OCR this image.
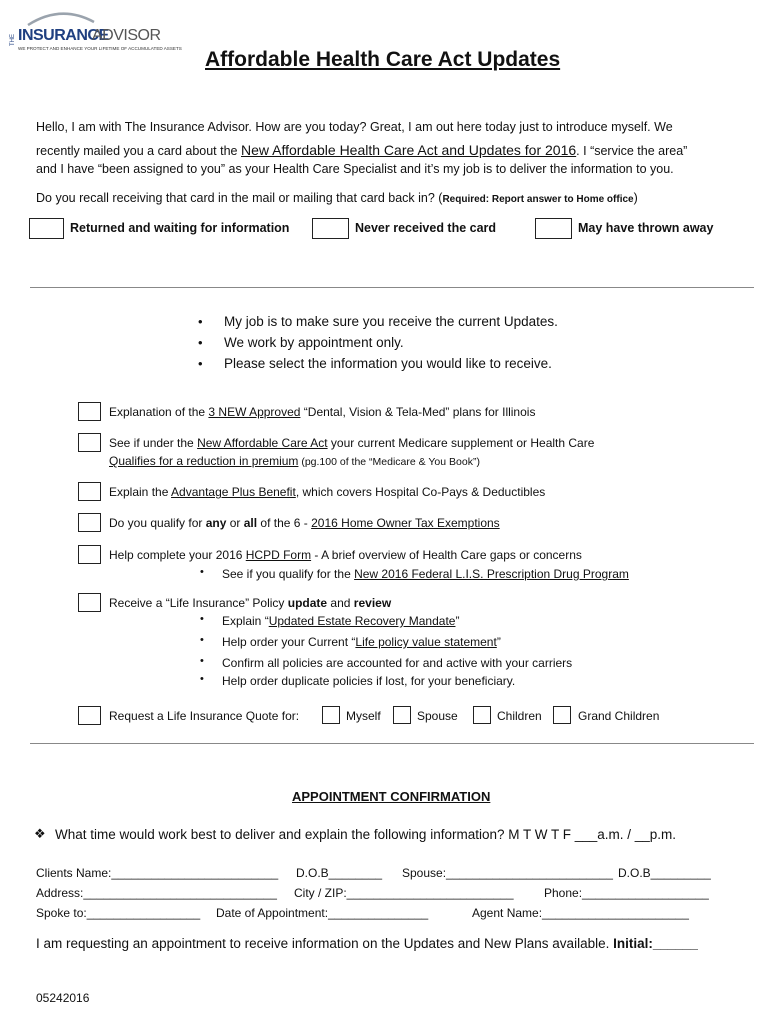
THE INSURANCE
ADVISOR
WE PROTECT AND ENHANCE YOUR LIFETIME OF ACCUMULATED ASSETS Affordable Health Care Act Updates
Hello, I am with The Insurance Advisor. How are you today? Great, I am out here today just to introduce myself. We
recently mailed you a card about the New Affordable Health Care Act and Updates for 2016. I “service the area”
and I have “been assigned to you” as your Health Care Specialist and it’s my job is to deliver the information to you.
Do you recall receiving that card in the mail or mailing that card back in? (Required: Report answer to Home office)
Returned and waiting for information	Never received the card	May have thrown away
• My job is to make sure you receive the current Updates.
• We work by appointment only.
• Please select the information you would like to receive.
Explanation of the 3 NEW Approved “Dental, Vision & Tela-Med” plans for Illinois
See if under the New Affordable Care Act your current Medicare supplement or Health Care
Qualifies for a reduction in premium (pg.100 of the “Medicare & You Book”)
Explain the Advantage Plus Benefit, which covers Hospital Co-Pays & Deductibles
Do you qualify for any or all of the 6 - 2016 Home Owner Tax Exemptions
Help complete your 2016 HCPD Form - A brief overview of Health Care gaps or concerns
• See if you qualify for the New 2016 Federal L.I.S. Prescription Drug Program
Receive a “Life Insurance” Policy update and review
• Explain “Updated Estate Recovery Mandate”
• Help order your Current “Life policy value statement”
• Confirm all policies are accounted for and active with your carriers
• Help order duplicate policies if lost, for your beneficiary.
Request a Life Insurance Quote for:	Myself	Spouse	Children	Grand Children
APPOINTMENT CONFIRMATION
❖ What time would work best to deliver and explain the following information? M T W T F ___a.m. / __p.m.
Clients Name:_________________________ D.O.B________ Spouse:_________________________ D.O.B_________
Address:_____________________________ City / ZIP:_________________________	Phone:___________________
Spoke to:_________________ Date of Appointment:_______________	Agent Name:______________________
I am requesting an appointment to receive information on the Updates and New Plans available. Initial:______
05242016
